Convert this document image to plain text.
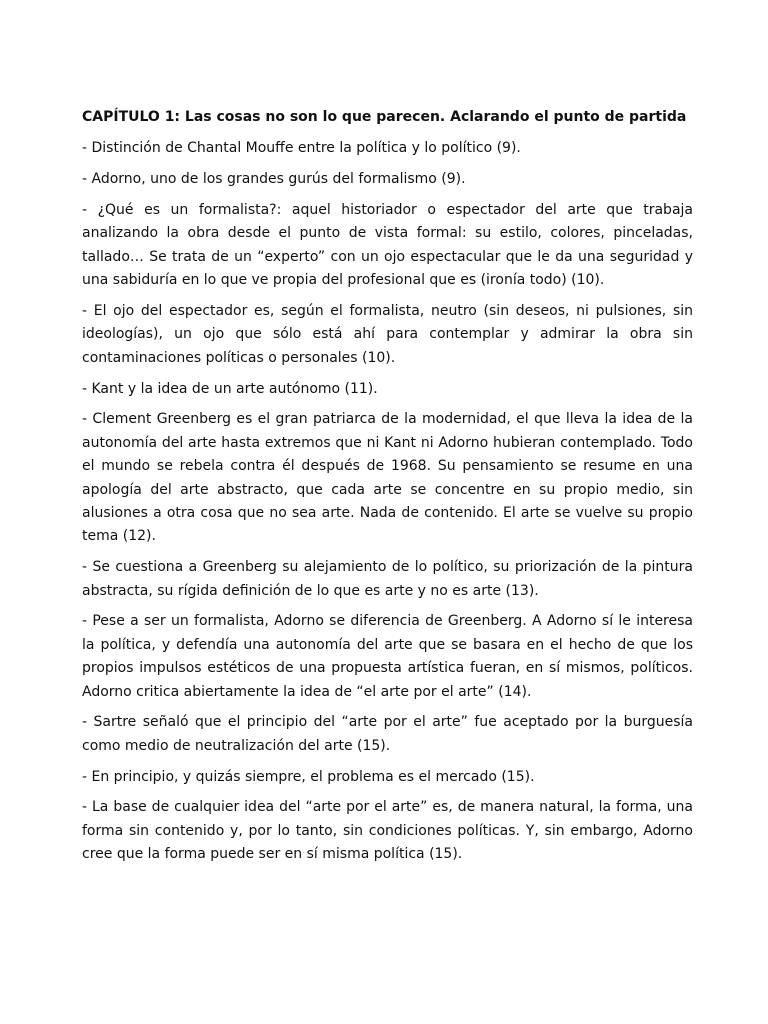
CAPÍTULO 1: Las cosas no son lo que parecen. Aclarando el punto de partida

- Distinción de Chantal Mouffe entre la política y lo político (9).

- Adorno, uno de los grandes gurús del formalismo (9).

- ¿Qué es un formalista?: aquel historiador o espectador del arte que trabaja analizando la obra desde el punto de vista formal: su estilo, colores, pinceladas, tallado… Se trata de un “experto” con un ojo espectacular que le da una seguridad y una sabiduría en lo que ve propia del profesional que es (ironía todo) (10).

- El ojo del espectador es, según el formalista, neutro (sin deseos, ni pulsiones, sin ideologías), un ojo que sólo está ahí para contemplar y admirar la obra sin contaminaciones políticas o personales (10).

- Kant y la idea de un arte autónomo (11).

- Clement Greenberg es el gran patriarca de la modernidad, el que lleva la idea de la autonomía del arte hasta extremos que ni Kant ni Adorno hubieran contemplado. Todo el mundo se rebela contra él después de 1968. Su pensamiento se resume en una apología del arte abstracto, que cada arte se concentre en su propio medio, sin alusiones a otra cosa que no sea arte. Nada de contenido. El arte se vuelve su propio tema (12).

- Se cuestiona a Greenberg su alejamiento de lo político, su priorización de la pintura abstracta, su rígida definición de lo que es arte y no es arte (13).

- Pese a ser un formalista, Adorno se diferencia de Greenberg. A Adorno sí le interesa la política, y defendía una autonomía del arte que se basara en el hecho de que los propios impulsos estéticos de una propuesta artística fueran, en sí mismos, políticos. Adorno critica abiertamente la idea de “el arte por el arte” (14).

- Sartre señaló que el principio del “arte por el arte” fue aceptado por la burguesía como medio de neutralización del arte (15).

- En principio, y quizás siempre, el problema es el mercado (15).

- La base de cualquier idea del “arte por el arte” es, de manera natural, la forma, una forma sin contenido y, por lo tanto, sin condiciones políticas. Y, sin embargo, Adorno cree que la forma puede ser en sí misma política (15).
